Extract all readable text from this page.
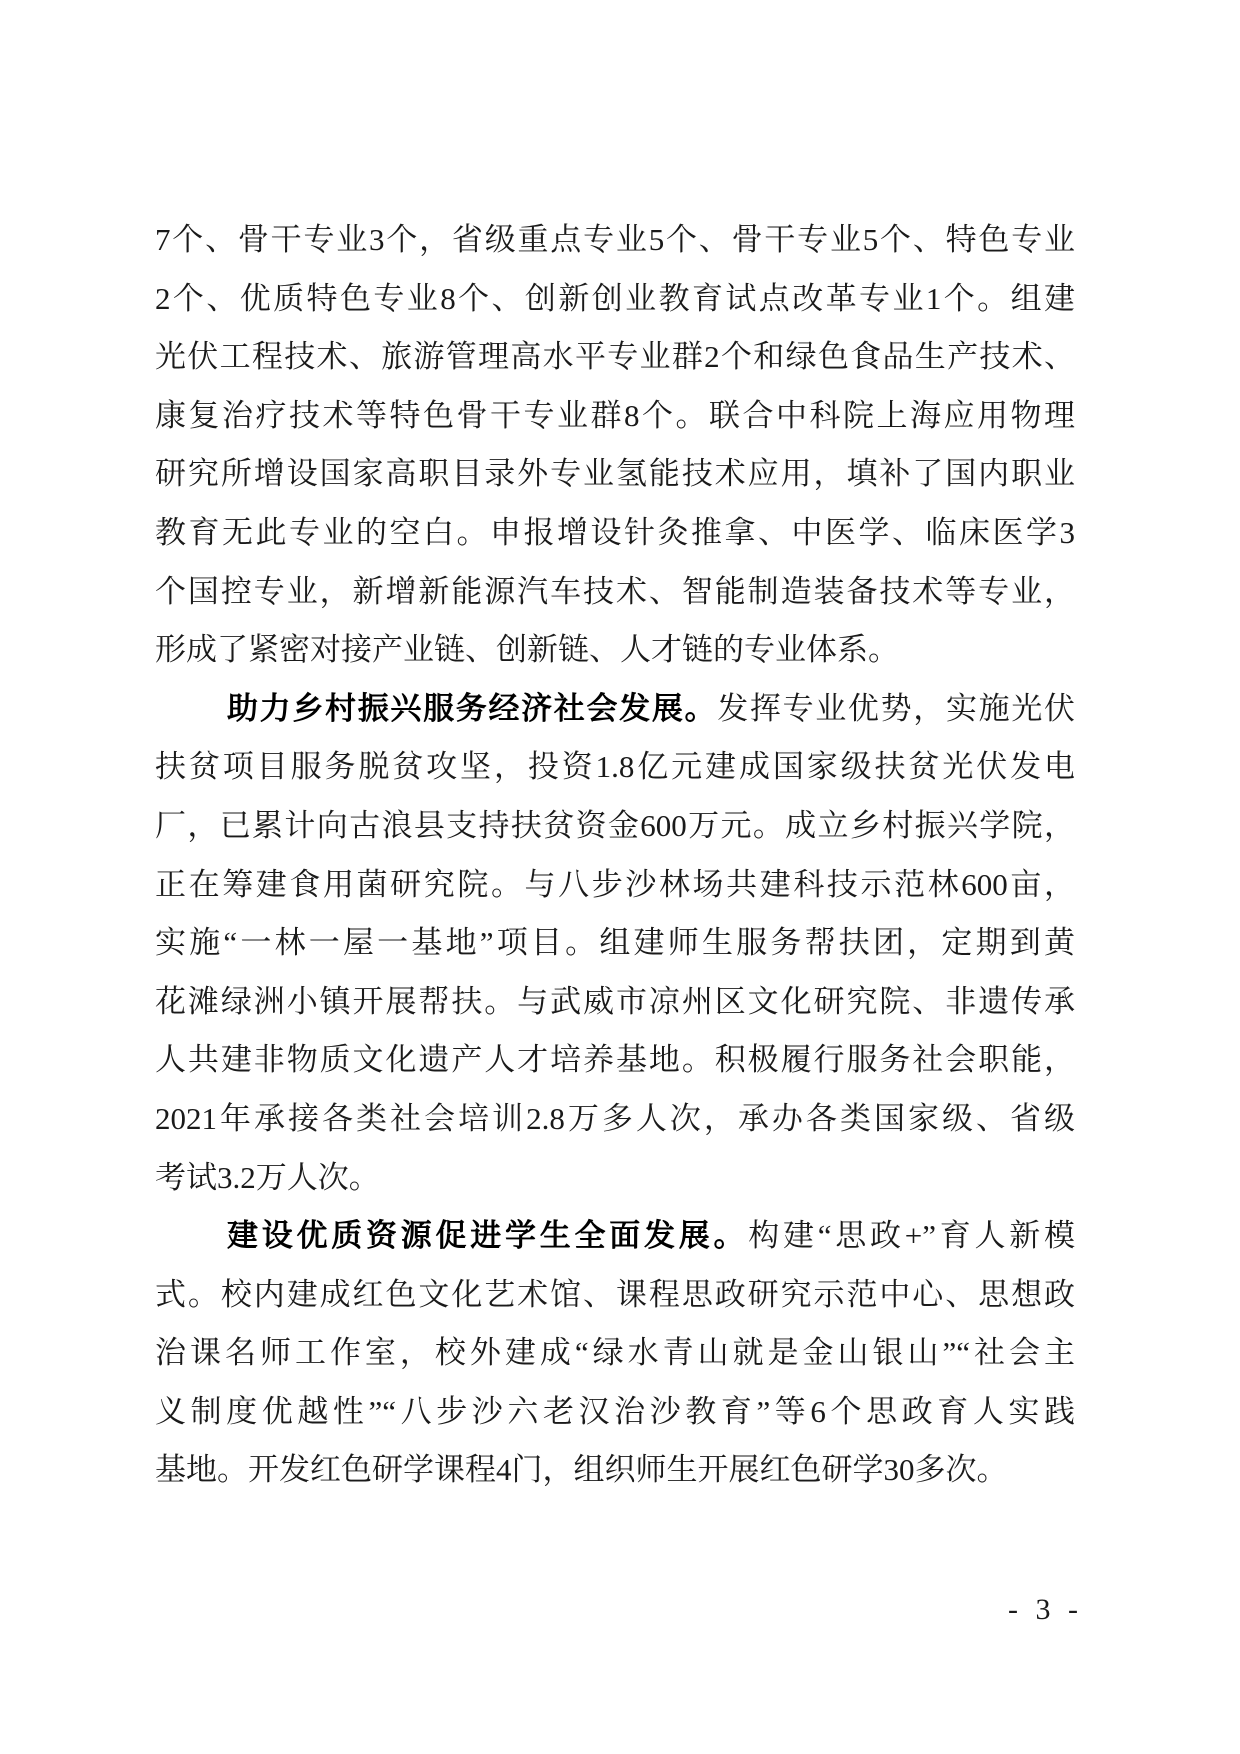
7个、骨干专业3个，省级重点专业5个、骨干专业5个、特色专业
2个、优质特色专业8个、创新创业教育试点改革专业1个。组建
光伏工程技术、旅游管理高水平专业群2个和绿色食品生产技术、
康复治疗技术等特色骨干专业群8个。联合中科院上海应用物理
研究所增设国家高职目录外专业氢能技术应用，填补了国内职业
教育无此专业的空白。申报增设针灸推拿、中医学、临床医学3
个国控专业，新增新能源汽车技术、智能制造装备技术等专业，
形成了紧密对接产业链、创新链、人才链的专业体系。
助力乡村振兴服务经济社会发展。发挥专业优势，实施光伏
扶贫项目服务脱贫攻坚，投资1.8亿元建成国家级扶贫光伏发电
厂，已累计向古浪县支持扶贫资金600万元。成立乡村振兴学院，
正在筹建食用菌研究院。与八步沙林场共建科技示范林600亩，
实施“一林一屋一基地”项目。组建师生服务帮扶团，定期到黄
花滩绿洲小镇开展帮扶。与武威市凉州区文化研究院、非遗传承
人共建非物质文化遗产人才培养基地。积极履行服务社会职能，
2021年承接各类社会培训2.8万多人次，承办各类国家级、省级
考试3.2万人次。
建设优质资源促进学生全面发展。构建“思政+”育人新模
式。校内建成红色文化艺术馆、课程思政研究示范中心、思想政
治课名师工作室，校外建成“绿水青山就是金山银山”“社会主
义制度优越性”“八步沙六老汉治沙教育”等6个思政育人实践
基地。开发红色研学课程4门，组织师生开展红色研学30多次。
- 3 -
